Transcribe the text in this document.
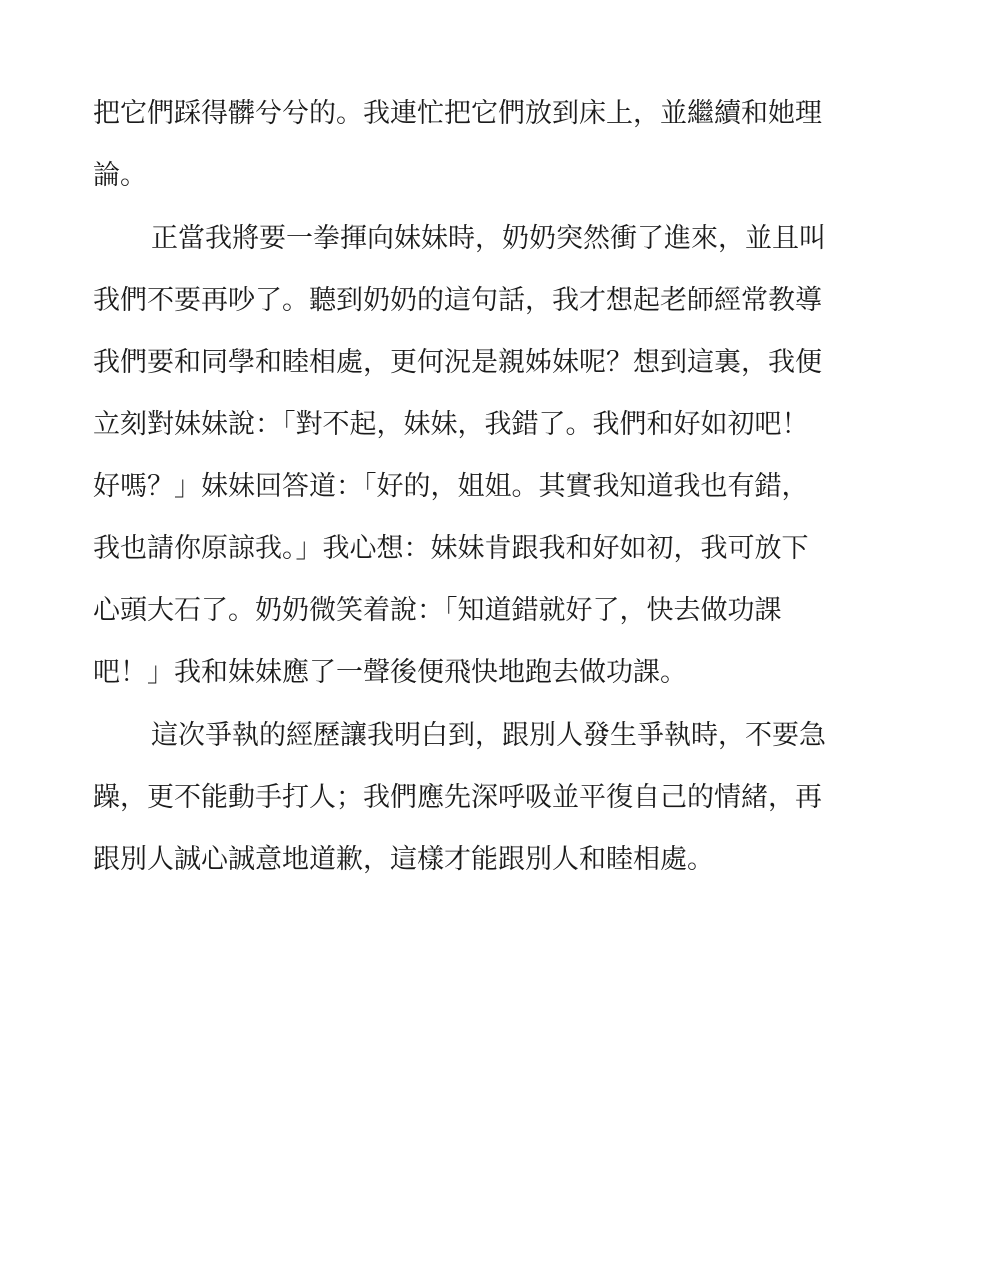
把它們踩得髒兮兮的。我連忙把它們放到床上，並繼續和她理
論。
正當我將要一拳揮向妹妹時，奶奶突然衝了進來，並且叫
我們不要再吵了。聽到奶奶的這句話，我才想起老師經常教導
我們要和同學和睦相處，更何況是親姊妹呢？想到這裏，我便
立刻對妹妹說：「對不起，妹妹，我錯了。我們和好如初吧！
好嗎？」妹妹回答道：「好的，姐姐。其實我知道我也有錯，
我也請你原諒我。」我心想：妹妹肯跟我和好如初，我可放下
心頭大石了。奶奶微笑着說：「知道錯就好了，快去做功課
吧！」我和妹妹應了一聲後便飛快地跑去做功課。
這次爭執的經歷讓我明白到，跟別人發生爭執時，不要急
躁，更不能動手打人；我們應先深呼吸並平復自己的情緒，再
跟別人誠心誠意地道歉，這樣才能跟別人和睦相處。
